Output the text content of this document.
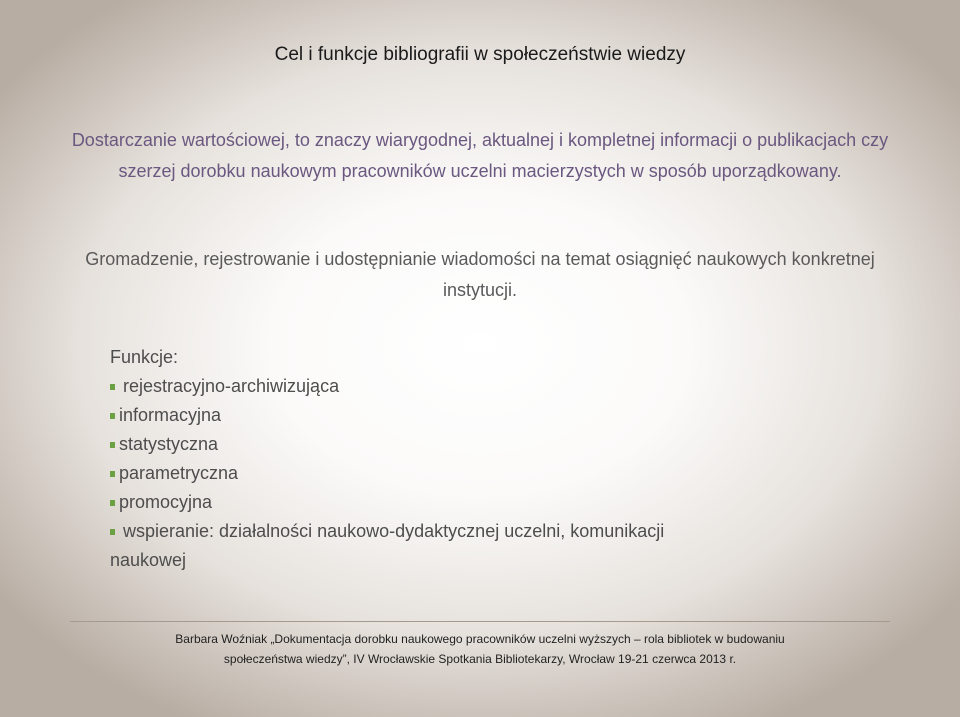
Cel i funkcje bibliografii w społeczeństwie wiedzy
Dostarczanie wartościowej, to znaczy wiarygodnej, aktualnej i kompletnej informacji o publikacjach czy szerzej dorobku naukowym pracowników uczelni macierzystych w sposób uporządkowany.
Gromadzenie, rejestrowanie i udostępnianie wiadomości na temat osiągnięć naukowych konkretnej instytucji.
Funkcje:
rejestracyjno-archiwizująca
informacyjna
statystyczna
parametryczna
promocyjna
wspieranie: działalności naukowo-dydaktycznej uczelni, komunikacji
naukowej
Barbara Woźniak „Dokumentacja dorobku naukowego pracowników uczelni wyższych – rola bibliotek w budowaniu
społeczeństwa wiedzy”, IV Wrocławskie Spotkania Bibliotekarzy, Wrocław 19-21 czerwca 2013 r.
